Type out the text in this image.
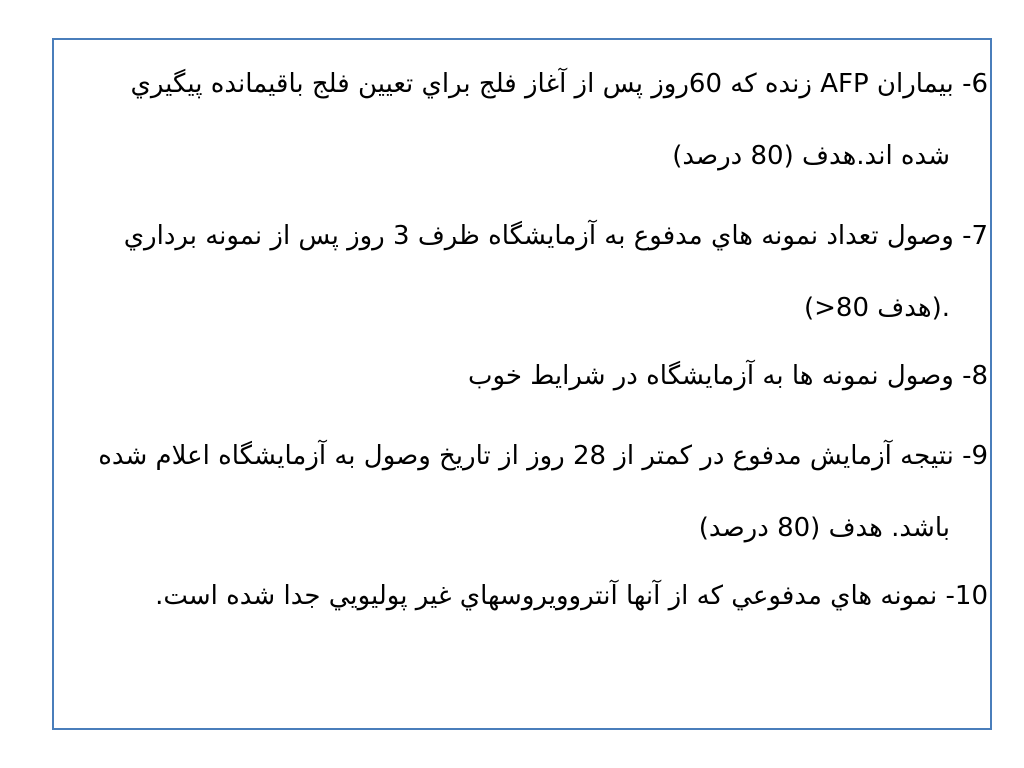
6- بيماران AFP زنده كه 60روز پس از آغاز فلج براي تعيين فلج باقيمانده پيگيري
شده اند.هدف (80 درصد)
7- وصول تعداد نمونه هاي مدفوع به آزمايشگاه ظرف 3 روز پس از نمونه برداري
.(هدف 80<)
8- وصول نمونه ها به آزمايشگاه در شرايط خوب
9- نتيجه آزمايش مدفوع در كمتر از 28 روز از تاريخ وصول به آزمايشگاه اعلام شده
باشد. هدف (80 درصد)
10- نمونه هاي مدفوعي كه از آنها آنتروويروسهاي غير پوليويي جدا شده است.
